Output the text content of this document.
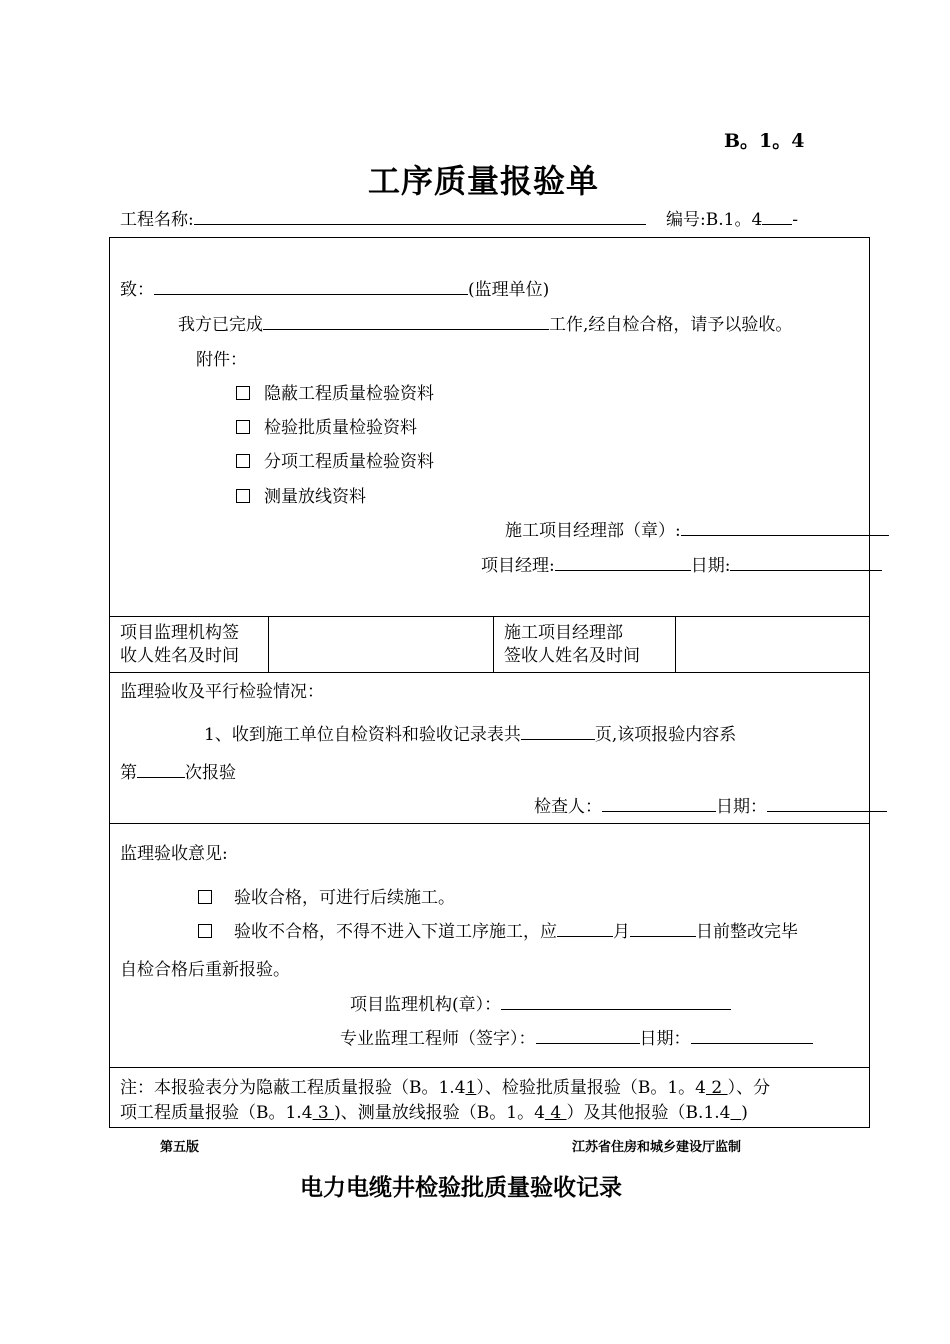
B。1。4
工序质量报验单
工程名称:	编号:B.1。4 -
致：	(监理单位)
我方已完成	工作,经自检合格，请予以验收。
附件：
隐蔽工程质量检验资料
检验批质量检验资料
分项工程质量检验资料
测量放线资料
施工项目经理部（章）:
项目经理:	日期:
项目监理机构签
收人姓名及时间
施工项目经理部
签收人姓名及时间
监理验收及平行检验情况：
1、收到施工单位自检资料和验收记录表共	页,该项报验内容系
第	次报验
检查人：	日期：
监理验收意见:
验收合格，可进行后续施工。
验收不合格，不得不进入下道工序施工，应	月	日前整改完毕
自检合格后重新报验。
项目监理机构(章）：
专业监理工程师（签字）：	日期：
注：本报验表分为隐蔽工程质量报验（B。1.41）、检验批质量报验（B。1。4 2 ）、分
项工程质量报验（B。1.4 3 )、测量放线报验（B。1。4 4 ）及其他报验（B.1.4 )
第五版	江苏省住房和城乡建设厅监制
电力电缆井检验批质量验收记录
